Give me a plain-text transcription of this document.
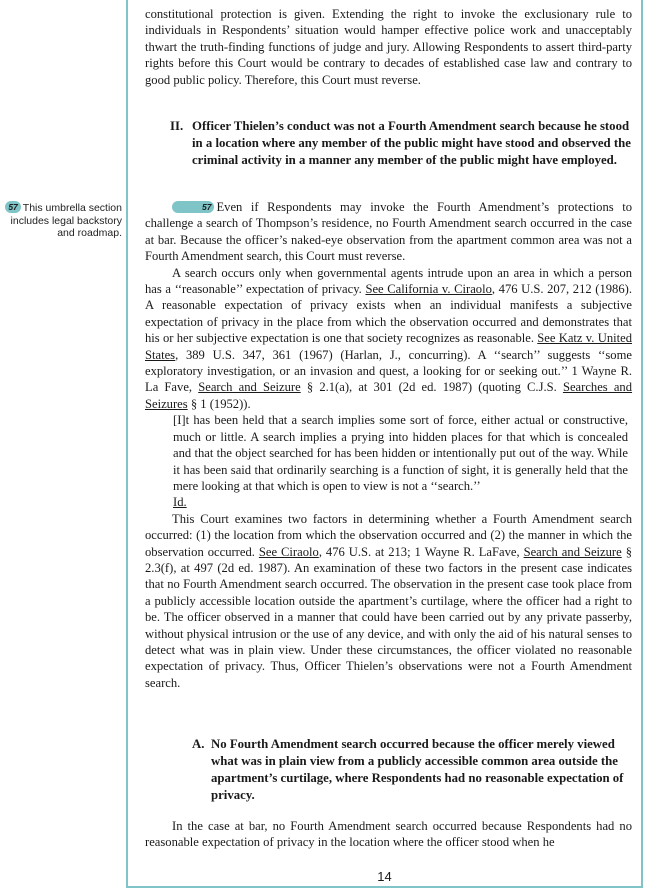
57 This umbrella section includes legal backstory and roadmap.

constitutional protection is given. Extending the right to invoke the exclusionary rule to individuals in Respondents’ situation would hamper effective police work and unacceptably thwart the truth-finding functions of judge and jury. Allowing Respondents to assert third-party rights before this Court would be contrary to decades of established case law and contrary to good public policy. Therefore, this Court must reverse.

II. Officer Thielen’s conduct was not a Fourth Amendment search because he stood in a location where any member of the public might have stood and observed the criminal activity in a manner any member of the public might have employed.

57 Even if Respondents may invoke the Fourth Amendment’s protections to challenge a search of Thompson’s residence, no Fourth Amendment search occurred in the case at bar. Because the officer’s naked-eye observation from the apartment common area was not a Fourth Amendment search, this Court must reverse.

A search occurs only when governmental agents intrude upon an area in which a person has a ‘‘reasonable’’ expectation of privacy. See California v. Ciraolo, 476 U.S. 207, 212 (1986). A reasonable expectation of privacy exists when an individual manifests a subjective expectation of privacy in the place from which the observation occurred and demonstrates that his or her subjective expectation is one that society recognizes as reasonable. See Katz v. United States, 389 U.S. 347, 361 (1967) (Harlan, J., concurring). A ‘‘search’’ suggests ‘‘some exploratory investigation, or an invasion and quest, a looking for or seeking out.’’ 1 Wayne R. La Fave, Search and Seizure § 2.1(a), at 301 (2d ed. 1987) (quoting C.J.S. Searches and Seizures § 1 (1952)).

[I]t has been held that a search implies some sort of force, either actual or constructive, much or little. A search implies a prying into hidden places for that which is concealed and that the object searched for has been hidden or intentionally put out of the way. While it has been said that ordinarily searching is a function of sight, it is generally held that the mere looking at that which is open to view is not a ‘‘search.’’
Id.

This Court examines two factors in determining whether a Fourth Amendment search occurred: (1) the location from which the observation occurred and (2) the manner in which the observation occurred. See Ciraolo, 476 U.S. at 213; 1 Wayne R. LaFave, Search and Seizure § 2.3(f), at 497 (2d ed. 1987). An examination of these two factors in the present case indicates that no Fourth Amendment search occurred. The observation in the present case took place from a publicly accessible location outside the apartment’s curtilage, where the officer had a right to be. The officer observed in a manner that could have been carried out by any private passerby, without physical intrusion or the use of any device, and with only the aid of his natural senses to detect what was in plain view. Under these circumstances, the officer violated no reasonable expectation of privacy. Thus, Officer Thielen’s observations were not a Fourth Amendment search.

A. No Fourth Amendment search occurred because the officer merely viewed what was in plain view from a publicly accessible common area outside the apartment’s curtilage, where Respondents had no reasonable expectation of privacy.

In the case at bar, no Fourth Amendment search occurred because Respondents had no reasonable expectation of privacy in the location where the officer stood when he

14
